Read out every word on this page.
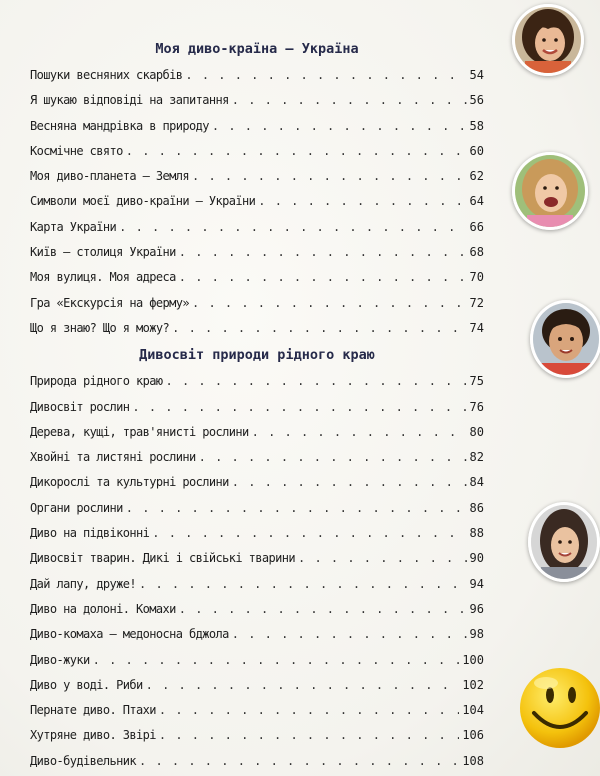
Моя диво-країна — Україна
Пошуки весняних скарбів . . .	54
Я шукаю відповіді на запитання . . .	56
Весняна мандрівка в природу . . .	58
Космічне свято . . .	60
Моя диво-планета — Земля . . .	62
Символи моєї диво-країни — України . . .	64
Карта України . . .	66
Київ — столиця України . . .	68
Моя вулиця. Моя адреса . . .	70
Гра «Екскурсія на ферму» . . .	72
Що я знаю? Що я можу? . . .	74
Дивосвіт природи рідного краю
Природа рідного краю . . .	75
Дивосвіт рослин . . .	76
Дерева, кущі, трав'янисті рослини . . .	80
Хвойні та листяні рослини . . .	82
Дикорослі та культурні рослини . . .	84
Органи рослини . . .	86
Диво на підвіконні . . .	88
Дивосвіт тварин. Дикі і свійські тварини . . .	90
Дай лапу, друже! . . .	94
Диво на долоні. Комахи . . .	96
Диво-комаха — медоносна бджола . . .	98
Диво-жуки . . .	100
Диво у воді. Риби . . .	102
Пернате диво. Птахи . . .	104
Хутряне диво. Звірі . . .	106
Диво-будівельник . . .	108
